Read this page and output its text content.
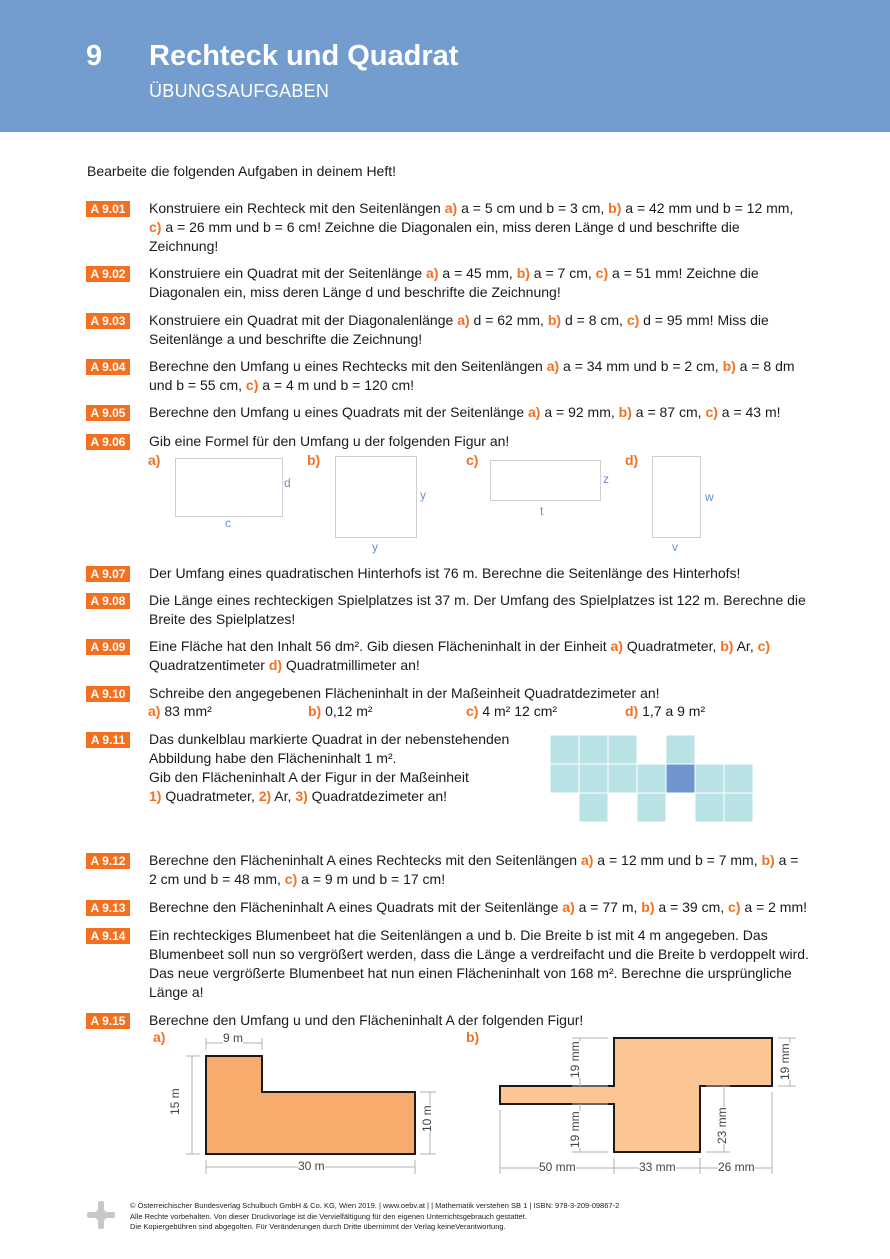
9 Rechteck und Quadrat
ÜBUNGSAUFGABEN
Bearbeite die folgenden Aufgaben in deinem Heft!
A 9.01	Konstruiere ein Rechteck mit den Seitenlängen a) a = 5 cm und b = 3 cm, b) a = 42 mm und b = 12 mm, c) a = 26 mm und b = 6 cm! Zeichne die Diagonalen ein, miss deren Länge d und beschrifte die Zeichnung!
A 9.02	Konstruiere ein Quadrat mit der Seitenlänge a) a = 45 mm, b) a = 7 cm, c) a = 51 mm! Zeichne die Diagonalen ein, miss deren Länge d und beschrifte die Zeichnung!
A 9.03	Konstruiere ein Quadrat mit der Diagonalenlänge a) d = 62 mm, b) d = 8 cm, c) d = 95 mm! Miss die Seitenlänge a und beschrifte die Zeichnung!
A 9.04	Berechne den Umfang u eines Rechtecks mit den Seitenlängen a) a = 34 mm und b = 2 cm, b) a = 8 dm und b = 55 cm, c) a = 4 m und b = 120 cm!
A 9.05	Berechne den Umfang u eines Quadrats mit der Seitenlänge a) a = 92 mm, b) a = 87 cm, c) a = 43 m!
A 9.06	Gib eine Formel für den Umfang u der folgenden Figur an!
a)	b)	c)	d)
d
c
y
y
z
t
w
v
A 9.07	Der Umfang eines quadratischen Hinterhofs ist 76 m. Berechne die Seitenlänge des Hinterhofs!
A 9.08	Die Länge eines rechteckigen Spielplatzes ist 37 m. Der Umfang des Spielplatzes ist 122 m. Berechne die Breite des Spielplatzes!
A 9.09	Eine Fläche hat den Inhalt 56 dm². Gib diesen Flächeninhalt in der Einheit a) Quadratmeter, b) Ar, c) Quadratzentimeter d) Quadratmillimeter an!
A 9.10	Schreibe den angegebenen Flächeninhalt in der Maßeinheit Quadratdezimeter an!
a) 83 mm²	b) 0,12 m²	c) 4 m² 12 cm²	d) 1,7 a 9 m²
A 9.11	Das dunkelblau markierte Quadrat in der nebenstehenden
Abbildung habe den Flächeninhalt 1 m².
Gib den Flächeninhalt A der Figur in der Maßeinheit
1) Quadratmeter, 2) Ar, 3) Quadratdezimeter an!
A 9.12	Berechne den Flächeninhalt A eines Rechtecks mit den Seitenlängen a) a = 12 mm und b = 7 mm, b) a = 2 cm und b = 48 mm, c) a = 9 m und b = 17 cm!
A 9.13	Berechne den Flächeninhalt A eines Quadrats mit der Seitenlänge a) a = 77 m, b) a = 39 cm, c) a = 2 mm!
A 9.14	Ein rechteckiges Blumenbeet hat die Seitenlängen a und b. Die Breite b ist mit 4 m angegeben. Das Blumenbeet soll nun so vergrößert werden, dass die Länge a verdreifacht und die Breite b verdoppelt wird. Das neue vergrößerte Blumenbeet hat nun einen Flächeninhalt von 168 m². Berechne die ursprüngliche Länge a!
A 9.15	Berechne den Umfang u und den Flächeninhalt A der folgenden Figur!
a)	b)
9 m
15 m
10 m
30 m
19 mm
19 mm
19 mm
23 mm
50 mm	33 mm	26 mm
© Österreichischer Bundesverlag Schulbuch GmbH & Co. KG, Wien 2019. | www.oebv.at | | Mathematik verstehen SB 1 | ISBN: 978-3-209-09867-2
Alle Rechte vorbehalten. Von dieser Druckvorlage ist die Vervielfältigung für den eigenen Unterrichtsgebrauch gestattet.
Die Kopiergebühren sind abgegolten. Für Veränderungen durch Dritte übernimmt der Verlag keineVerantwortung.
